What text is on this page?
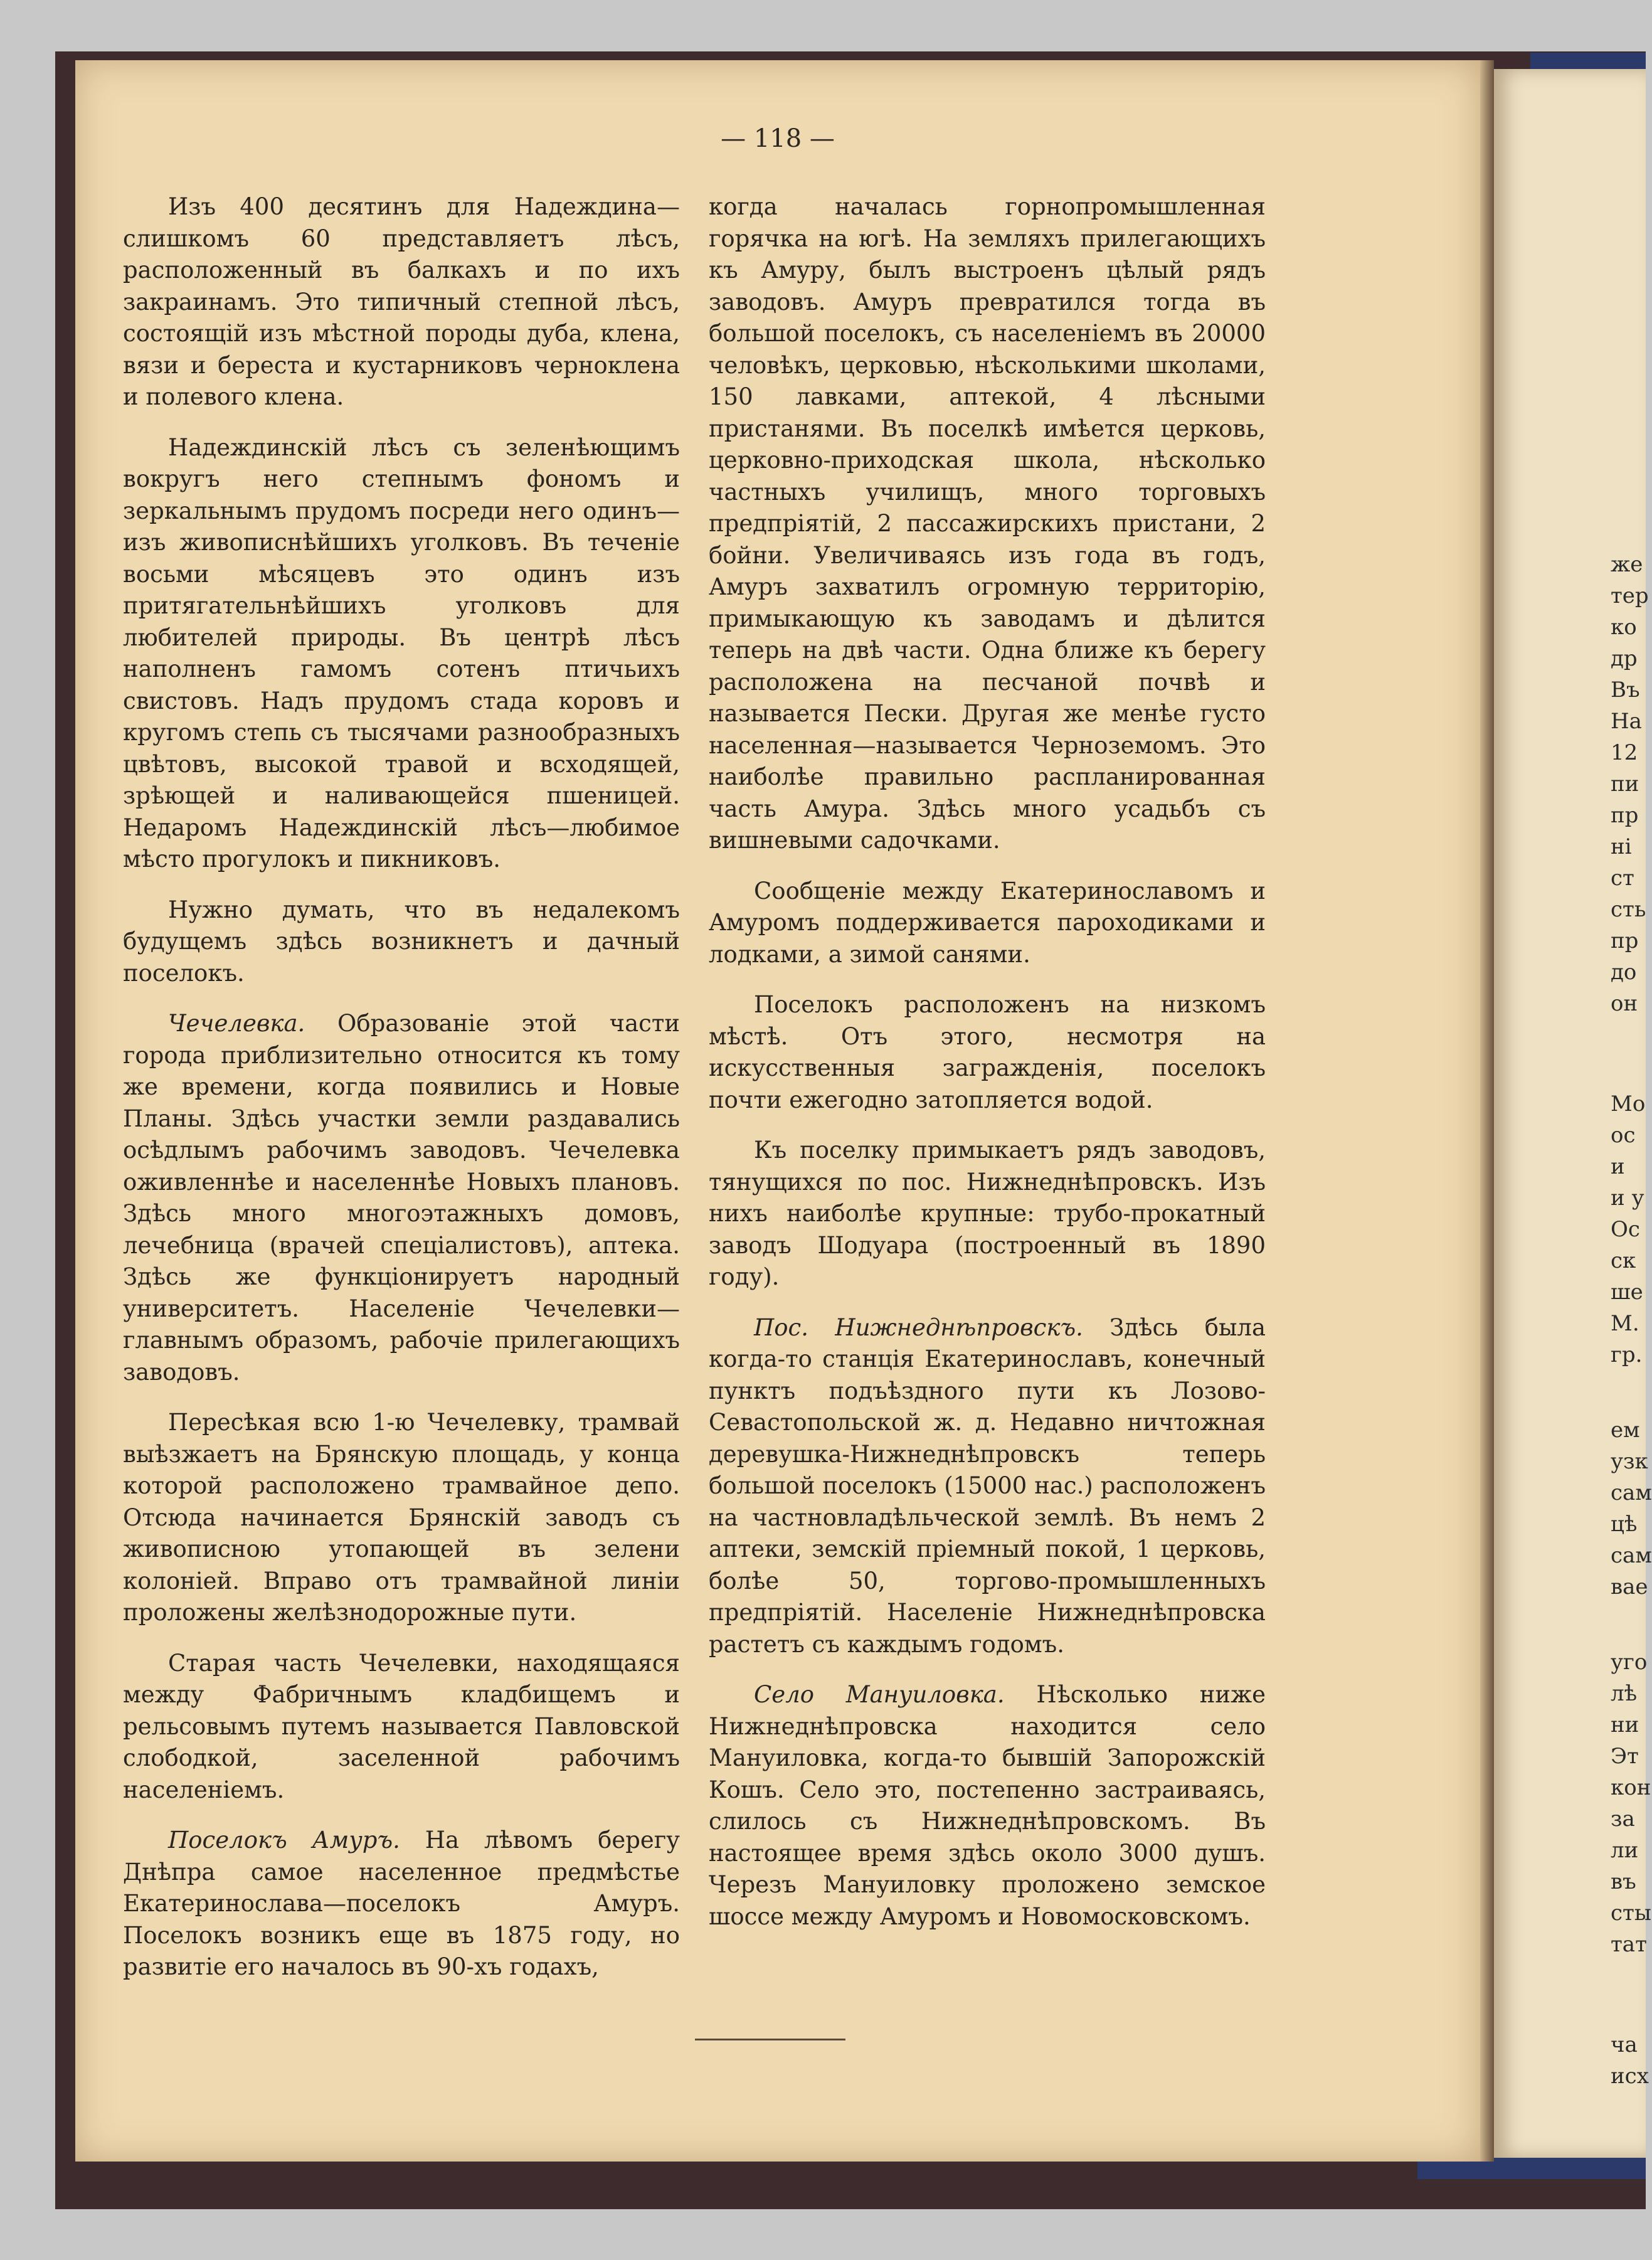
же
тер
ко
др
Въ
На
12
пи
пр
ні
ст
сть
пр
до
он
Мо
ос
и
и у
Ос
ск
ше
М.
гр.
ем
узк
сам
цѣ
сам
вае
уго
лѣ
ни
Эт
кон
за
ли
въ
сты
тат
ча
исх
— 118 —

Изъ 400 десятинъ для Надеждина—слишкомъ 60 представляетъ лѣсъ, расположенный въ балкахъ и по ихъ закраинамъ. Это типичный степной лѣсъ, состоящій изъ мѣстной породы дуба, клена, вязи и береста и кустарниковъ черноклена и полевого клена.

Надеждинскій лѣсъ съ зеленѣющимъ вокругъ него степнымъ фономъ и зеркальнымъ прудомъ посреди него одинъ—изъ живописнѣйшихъ уголковъ. Въ теченіе восьми мѣсяцевъ это одинъ изъ притягательнѣйшихъ уголковъ для любителей природы. Въ центрѣ лѣсъ наполненъ гамомъ сотенъ птичьихъ свистовъ. Надъ прудомъ стада коровъ и кругомъ степь съ тысячами разнообразныхъ цвѣтовъ, высокой травой и всходящей, зрѣющей и наливающейся пшеницей. Недаромъ Надеждинскій лѣсъ—любимое мѣсто прогулокъ и пикниковъ.

Нужно думать, что въ недалекомъ будущемъ здѣсь возникнетъ и дачный поселокъ.

Чечелевка. Образованіе этой части города приблизительно относится къ тому же времени, когда появились и Новые Планы. Здѣсь участки земли раздавались осѣдлымъ рабочимъ заводовъ. Чечелевка оживленнѣе и населеннѣе Новыхъ плановъ. Здѣсь много многоэтажныхъ домовъ, лечебница (врачей спеціалистовъ), аптека. Здѣсь же функціонируетъ народный университетъ. Населеніе Чечелевки—главнымъ образомъ, рабочіе прилегающихъ заводовъ.

Пересѣкая всю 1-ю Чечелевку, трамвай выѣзжаетъ на Брянскую площадь, у конца которой расположено трамвайное депо. Отсюда начинается Брянскій заводъ съ живописною утопающей въ зелени колоніей. Вправо отъ трамвайной линіи проложены желѣзнодорожные пути.

Старая часть Чечелевки, находящаяся между Фабричнымъ кладбищемъ и рельсовымъ путемъ называется Павловской слободкой, заселенной рабочимъ населеніемъ.

Поселокъ Амуръ. На лѣвомъ берегу Днѣпра самое населенное предмѣстье Екатеринослава—поселокъ Амуръ. Поселокъ возникъ еще въ 1875 году, но развитіе его началось въ 90-хъ годахъ,

когда началась горнопромышленная горячка на югѣ. На земляхъ прилегающихъ къ Амуру, былъ выстроенъ цѣлый рядъ заводовъ. Амуръ превратился тогда въ большой поселокъ, съ населеніемъ въ 20000 человѣкъ, церковью, нѣсколькими школами, 150 лавками, аптекой, 4 лѣсными пристанями. Въ поселкѣ имѣется церковь, церковно-приходская школа, нѣсколько частныхъ училищъ, много торговыхъ предпріятій, 2 пассажирскихъ пристани, 2 бойни. Увеличиваясь изъ года въ годъ, Амуръ захватилъ огромную территорію, примыкающую къ заводамъ и дѣлится теперь на двѣ части. Одна ближе къ берегу расположена на песчаной почвѣ и называется Пески. Другая же менѣе густо населенная—называется Черноземомъ. Это наиболѣе правильно распланированная часть Амура. Здѣсь много усадьбъ съ вишневыми садочками.

Сообщеніе между Екатеринославомъ и Амуромъ поддерживается пароходиками и лодками, а зимой санями.

Поселокъ расположенъ на низкомъ мѣстѣ. Отъ этого, несмотря на искусственныя загражденія, поселокъ почти ежегодно затопляется водой.

Къ поселку примыкаетъ рядъ заводовъ, тянущихся по пос. Нижнеднѣпровскъ. Изъ нихъ наиболѣе крупные: трубо-прокатный заводъ Шодуара (построенный въ 1890 году).

Пос. Нижнеднѣпровскъ. Здѣсь была когда-то станція Екатеринославъ, конечный пунктъ подъѣздного пути къ Лозово-Севастопольской ж. д. Недавно ничтожная деревушка-Нижнеднѣпровскъ теперь большой поселокъ (15000 нас.) расположенъ на частновладѣльческой землѣ. Въ немъ 2 аптеки, земскій пріемный покой, 1 церковь, болѣе 50, торгово-промышленныхъ предпріятій. Населеніе Нижнеднѣпровска растетъ съ каждымъ годомъ.

Село Мануиловка. Нѣсколько ниже Нижнеднѣпровска находится село Мануиловка, когда-то бывшій Запорожскій Кошъ. Село это, постепенно застраиваясь, слилось съ Нижнеднѣпровскомъ. Въ настоящее время здѣсь около 3000 душъ. Черезъ Мануиловку проложено земское шоссе между Амуромъ и Новомосковскомъ.
